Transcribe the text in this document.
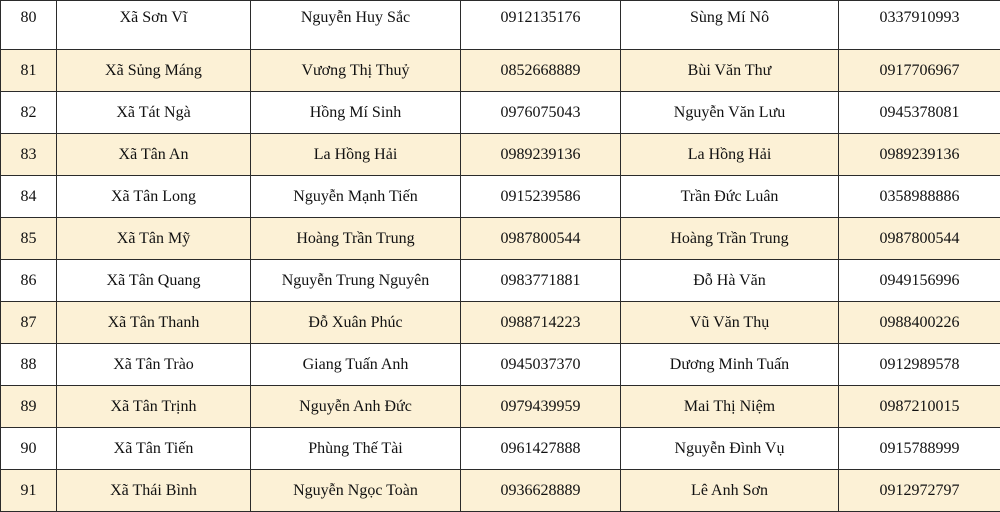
80	Xã Sơn Vĩ	Nguyễn Huy Sắc	0912135176	Sùng Mí Nô	0337910993
81	Xã Sủng Máng	Vương Thị Thuỷ	0852668889	Bùi Văn Thư	0917706967
82	Xã Tát Ngà	Hồng Mí Sinh	0976075043	Nguyễn Văn Lưu	0945378081
83	Xã Tân An	La Hồng Hải	0989239136	La Hồng Hải	0989239136
84	Xã Tân Long	Nguyễn Mạnh Tiến	0915239586	Trần Đức Luân	0358988886
85	Xã Tân Mỹ	Hoàng Trần Trung	0987800544	Hoàng Trần Trung	0987800544
86	Xã Tân Quang	Nguyễn Trung Nguyên	0983771881	Đỗ Hà Văn	0949156996
87	Xã Tân Thanh	Đỗ Xuân Phúc	0988714223	Vũ Văn Thụ	0988400226
88	Xã Tân Trào	Giang Tuấn Anh	0945037370	Dương Minh Tuấn	0912989578
89	Xã Tân Trịnh	Nguyễn Anh Đức	0979439959	Mai Thị Niệm	0987210015
90	Xã Tân Tiến	Phùng Thế Tài	0961427888	Nguyễn Đình Vụ	0915788999
91	Xã Thái Bình	Nguyễn Ngọc Toàn	0936628889	Lê Anh Sơn	0912972797
